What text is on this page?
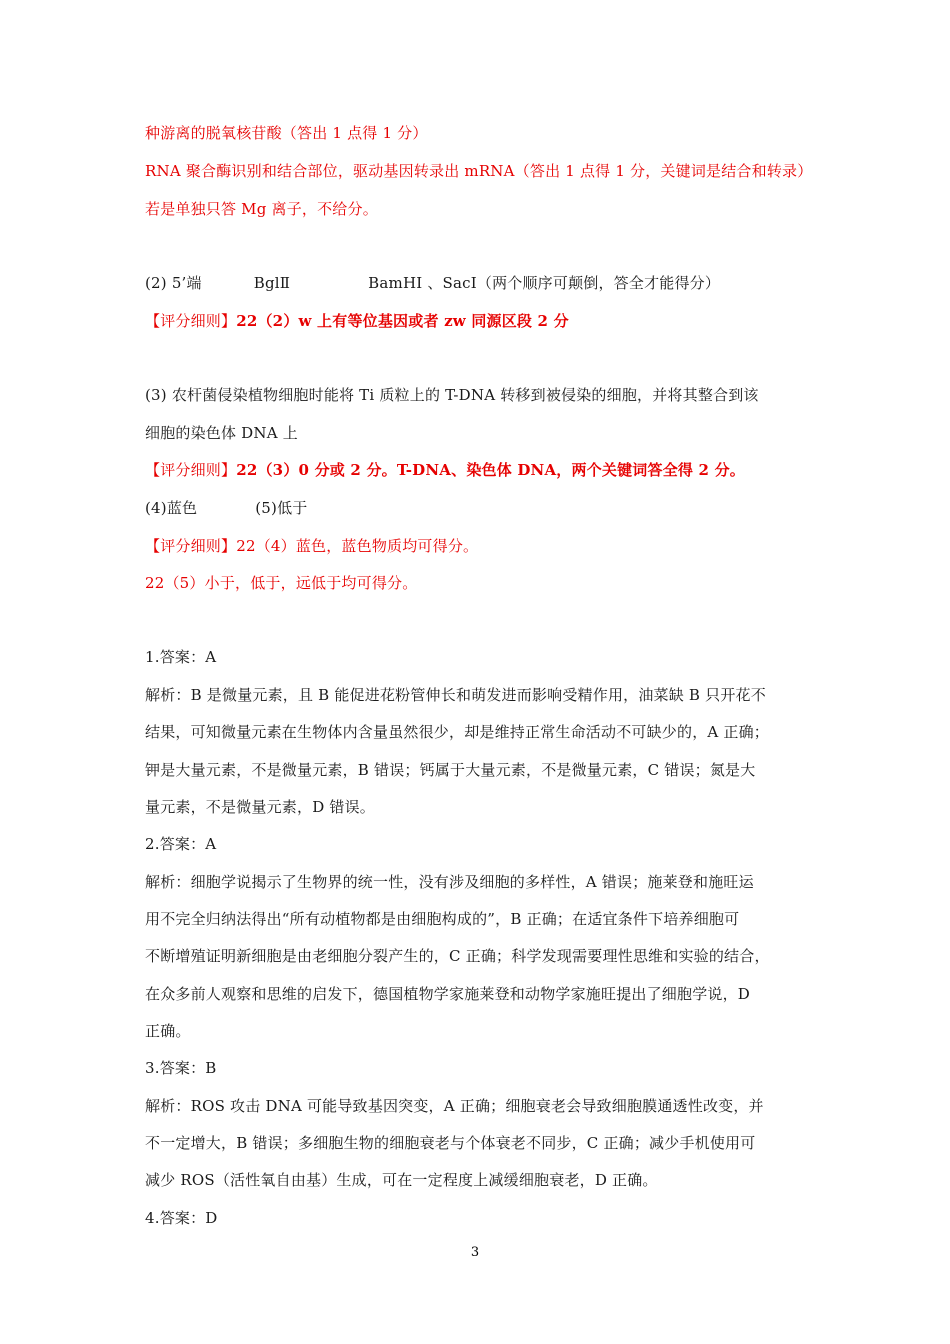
种游离的脱氧核苷酸（答出 1 点得 1 分）
RNA 聚合酶识别和结合部位，驱动基因转录出 mRNA（答出 1 点得 1 分，关键词是结合和转录）
若是单独只答 Mg 离子，不给分。
(2) 5’端	BglⅡ	BamHⅠ 、SacⅠ（两个顺序可颠倒，答全才能得分）
【评分细则】22（2）w 上有等位基因或者 zw 同源区段 2 分
(3) 农杆菌侵染植物细胞时能将 Ti 质粒上的 T-DNA 转移到被侵染的细胞，并将其整合到该
细胞的染色体 DNA 上
【评分细则】22（3）0 分或 2 分。T-DNA、染色体 DNA，两个关键词答全得 2 分。
(4)蓝色	(5)低于
【评分细则】22（4）蓝色，蓝色物质均可得分。
22（5）小于，低于，远低于均可得分。
1.答案：A
解析：B 是微量元素，且 B 能促进花粉管伸长和萌发进而影响受精作用，油菜缺 B 只开花不
结果，可知微量元素在生物体内含量虽然很少，却是维持正常生命活动不可缺少的，A 正确；
钾是大量元素，不是微量元素，B 错误；钙属于大量元素，不是微量元素，C 错误；氮是大
量元素，不是微量元素，D 错误。
2.答案：A
解析：细胞学说揭示了生物界的统一性，没有涉及细胞的多样性，A 错误；施莱登和施旺运
用不完全归纳法得出“所有动植物都是由细胞构成的”，B 正确；在适宜条件下培养细胞可
不断增殖证明新细胞是由老细胞分裂产生的，C 正确；科学发现需要理性思维和实验的结合，
在众多前人观察和思维的启发下，德国植物学家施莱登和动物学家施旺提出了细胞学说，D
正确。
3.答案：B
解析：ROS 攻击 DNA 可能导致基因突变，A 正确；细胞衰老会导致细胞膜通透性改变，并
不一定增大，B 错误；多细胞生物的细胞衰老与个体衰老不同步，C 正确；减少手机使用可
减少 ROS（活性氧自由基）生成，可在一定程度上减缓细胞衰老，D 正确。
4.答案：D
3
